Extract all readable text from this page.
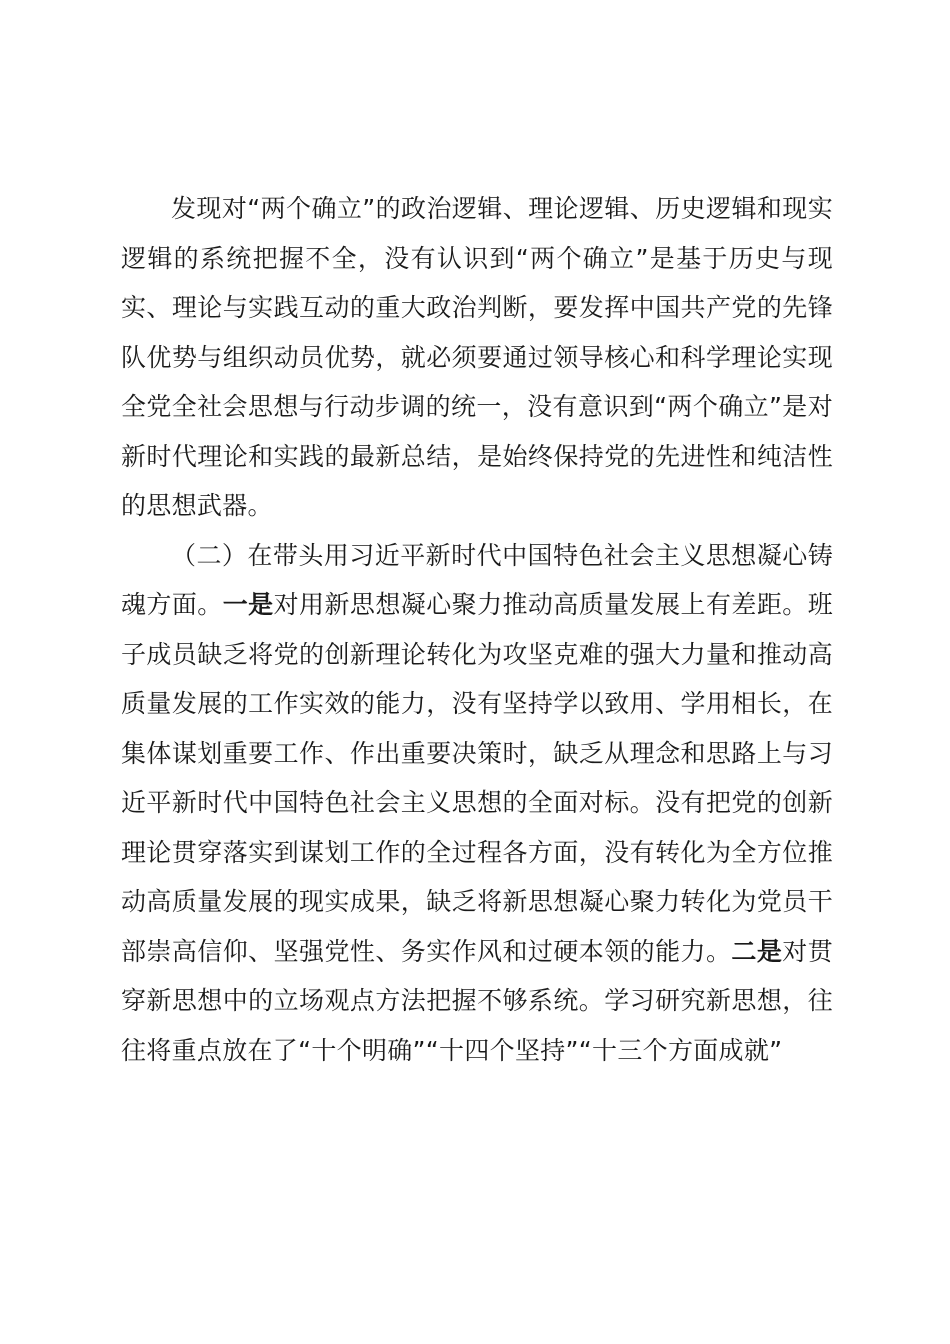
发现对“两个确立”的政治逻辑、理论逻辑、历史逻辑和现实逻辑的系统把握不全，没有认识到“两个确立”是基于历史与现实、理论与实践互动的重大政治判断，要发挥中国共产党的先锋队优势与组织动员优势，就必须要通过领导核心和科学理论实现全党全社会思想与行动步调的统一，没有意识到“两个确立”是对新时代理论和实践的最新总结，是始终保持党的先进性和纯洁性的思想武器。

（二）在带头用习近平新时代中国特色社会主义思想凝心铸魂方面。一是对用新思想凝心聚力推动高质量发展上有差距。班子成员缺乏将党的创新理论转化为攻坚克难的强大力量和推动高质量发展的工作实效的能力，没有坚持学以致用、学用相长，在集体谋划重要工作、作出重要决策时，缺乏从理念和思路上与习近平新时代中国特色社会主义思想的全面对标。没有把党的创新理论贯穿落实到谋划工作的全过程各方面，没有转化为全方位推动高质量发展的现实成果，缺乏将新思想凝心聚力转化为党员干部崇高信仰、坚强党性、务实作风和过硬本领的能力。二是对贯穿新思想中的立场观点方法把握不够系统。学习研究新思想，往往将重点放在了“十个明确”“十四个坚持”“十三个方面成就”
